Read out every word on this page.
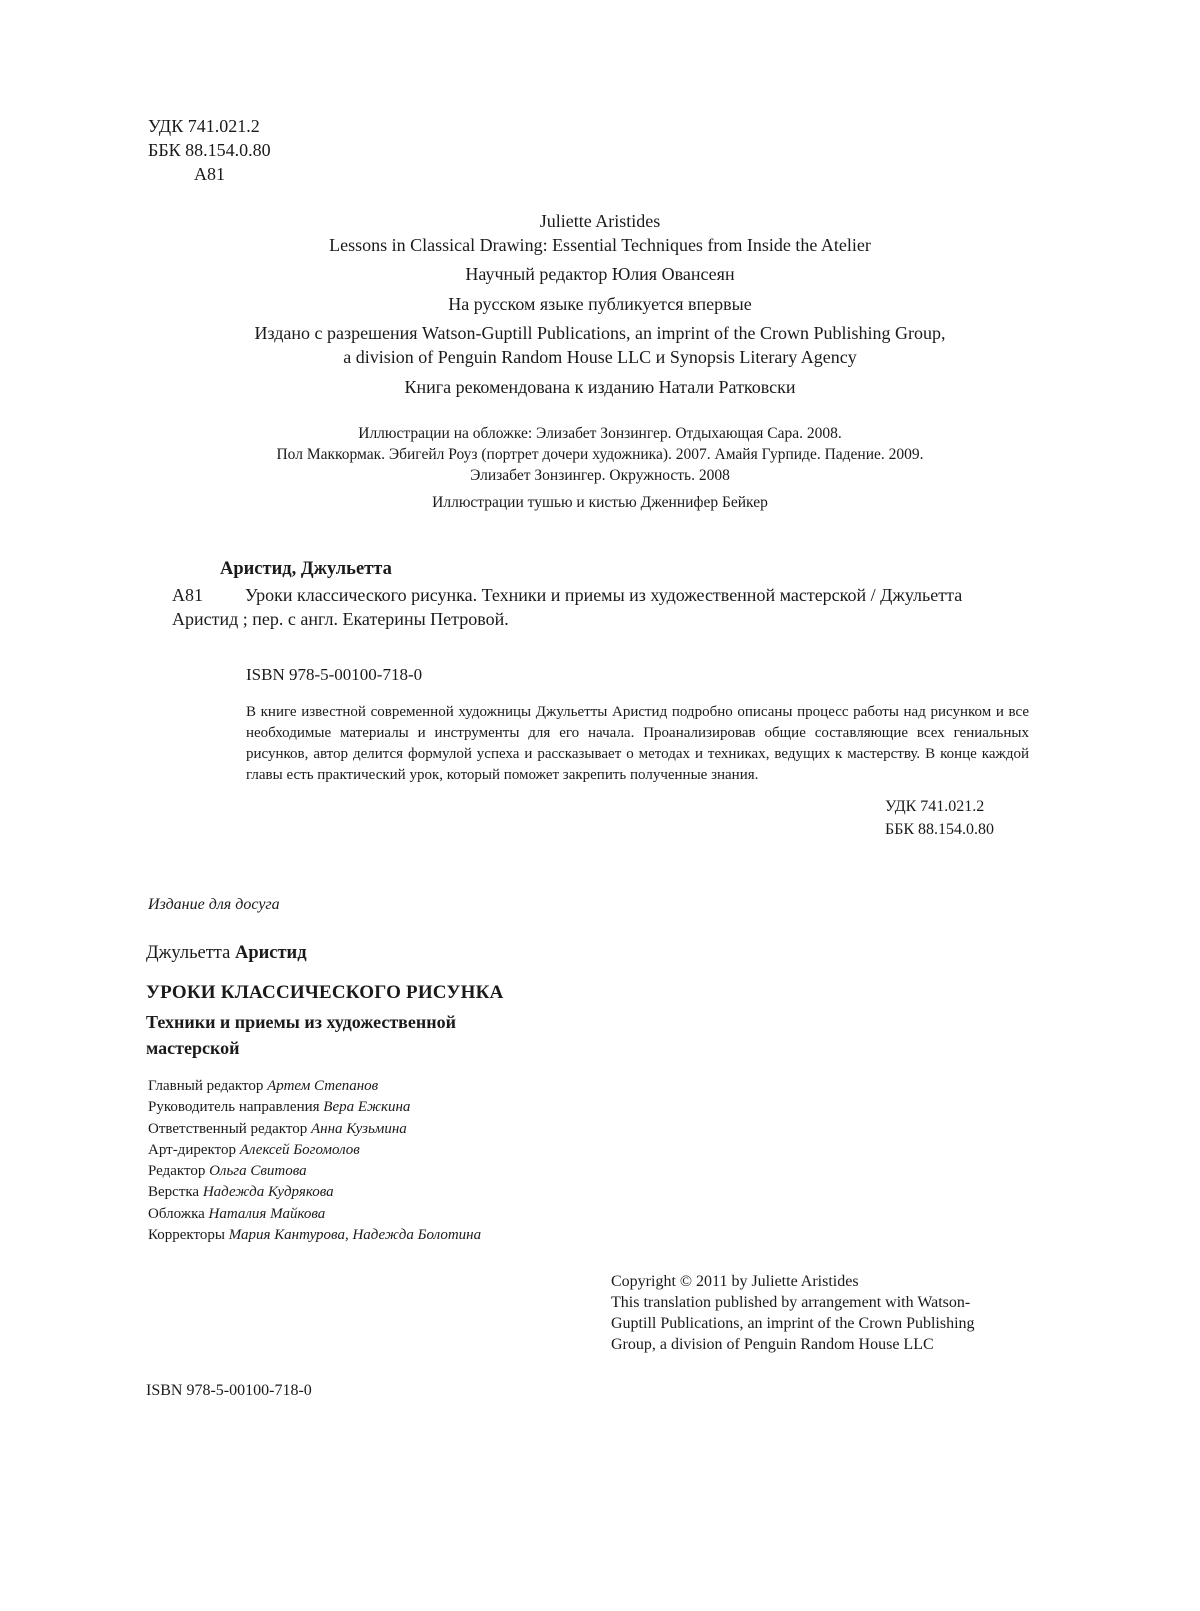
УДК 741.021.2
ББК 88.154.0.80
А81
Juliette Aristides
Lessons in Classical Drawing: Essential Techniques from Inside the Atelier
Научный редактор Юлия Овансеян
На русском языке публикуется впервые
Издано с разрешения Watson-Guptill Publications, an imprint of the Crown Publishing Group,
a division of Penguin Random House LLC и Synopsis Literary Agency
Книга рекомендована к изданию Натали Ратковски
Иллюстрации на обложке: Элизабет Зонзингер. Отдыхающая Сара. 2008.
Пол Маккормак. Эбигейл Роуз (портрет дочери художника). 2007. Амайя Гурпиде. Падение. 2009.
Элизабет Зонзингер. Окружность. 2008
Иллюстрации тушью и кистью Дженнифер Бейкер
Аристид, Джульетта
А81	Уроки классического рисунка. Техники и приемы из художественной мастерской / Джульетта Аристид ; пер. с англ. Екатерины Петровой.
ISBN 978-5-00100-718-0
В книге известной современной художницы Джульетты Аристид подробно описаны процесс работы над рисунком и все необходимые материалы и инструменты для его начала. Проанализировав общие составляющие всех гениальных рисунков, автор делится формулой успеха и рассказывает о методах и техниках, ведущих к мастерству. В конце каждой главы есть практический урок, который поможет закрепить полученные знания.
УДК 741.021.2
ББК 88.154.0.80
Издание для досуга
Джульетта Аристид
УРОКИ КЛАССИЧЕСКОГО РИСУНКА
Техники и приемы из художественной мастерской
Главный редактор Артем Степанов
Руководитель направления Вера Ежкина
Ответственный редактор Анна Кузьмина
Арт-директор Алексей Богомолов
Редактор Ольга Свитова
Верстка Надежда Кудрякова
Обложка Наталия Майкова
Корректоры Мария Кантурова, Надежда Болотина
Copyright © 2011 by Juliette Aristides
This translation published by arrangement with Watson-
Guptill Publications, an imprint of the Crown Publishing
Group, a division of Penguin Random House LLC
ISBN 978-5-00100-718-0
